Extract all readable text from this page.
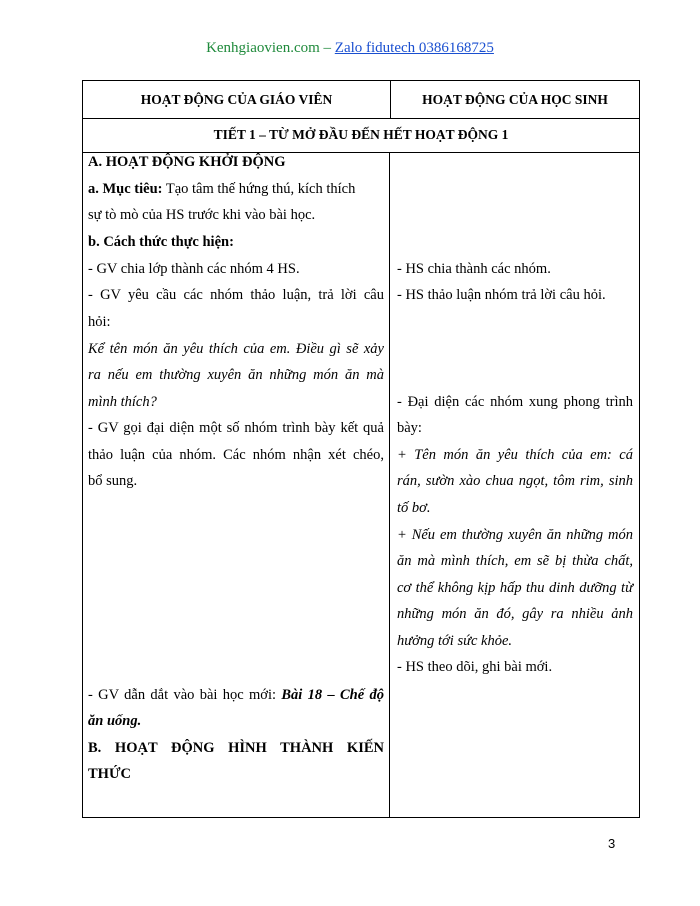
Kenhgiaovien.com – Zalo fidutech 0386168725
HOẠT ĐỘNG CỦA GIÁO VIÊN	HOẠT ĐỘNG CỦA HỌC SINH
TIẾT 1 – TỪ MỞ ĐẦU ĐẾN HẾT HOẠT ĐỘNG 1
A. HOẠT ĐỘNG KHỞI ĐỘNG
a. Mục tiêu: Tạo tâm thế hứng thú, kích thích
sự tò mò của HS trước khi vào bài học.
b. Cách thức thực hiện:
- GV chia lớp thành các nhóm 4 HS.
- GV yêu cầu các nhóm thảo luận, trả lời câu
hỏi:
Kể tên món ăn yêu thích của em. Điều gì sẽ xảy
ra nếu em thường xuyên ăn những món ăn mà
mình thích?
- GV gọi đại diện một số nhóm trình bày kết quả
thảo luận của nhóm. Các nhóm nhận xét chéo,
bổ sung.
- GV dẫn dắt vào bài học mới: Bài 18 – Chế độ
ăn uống.
B. HOẠT ĐỘNG HÌNH THÀNH KIẾN
THỨC
- HS chia thành các nhóm.
- HS thảo luận nhóm trả lời câu hỏi.
- Đại diện các nhóm xung phong trình
bày:
+ Tên món ăn yêu thích của em: cá
rán, sườn xào chua ngọt, tôm rim, sinh
tố bơ.
+ Nếu em thường xuyên ăn những món
ăn mà mình thích, em sẽ bị thừa chất,
cơ thể không kịp hấp thu dinh dưỡng từ
những món ăn đó, gây ra nhiều ảnh
hưởng tới sức khỏe.
- HS theo dõi, ghi bài mới.
3
